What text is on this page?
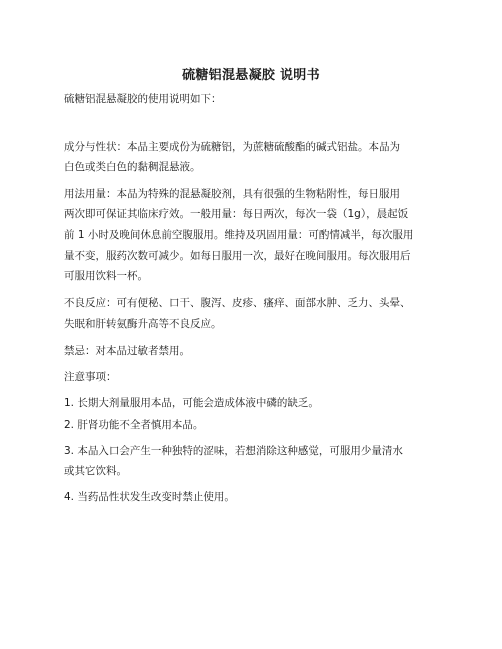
硫糖铝混悬凝胶 说明书
硫糖铝混悬凝胶的使用说明如下：
成分与性状：本品主要成份为硫糖铝，为蔗糖硫酸酯的碱式铝盐。本品为
白色或类白色的黏稠混悬液。
用法用量：本品为特殊的混悬凝胶剂，具有很强的生物粘附性，每日服用
两次即可保证其临床疗效。一般用量：每日两次，每次一袋（1g），晨起饭
前 1 小时及晚间休息前空腹服用。维持及巩固用量：可酌情减半，每次服用
量不变，服药次数可减少。如每日服用一次，最好在晚间服用。每次服用后
可服用饮料一杯。
不良反应：可有便秘、口干、腹泻、皮疹、瘙痒、面部水肿、乏力、头晕、
失眠和肝转氨酶升高等不良反应。
禁忌：对本品过敏者禁用。
注意事项：
1. 长期大剂量服用本品，可能会造成体液中磷的缺乏。
2. 肝肾功能不全者慎用本品。
3. 本品入口会产生一种独特的涩味，若想消除这种感觉，可服用少量清水
或其它饮料。
4. 当药品性状发生改变时禁止使用。
